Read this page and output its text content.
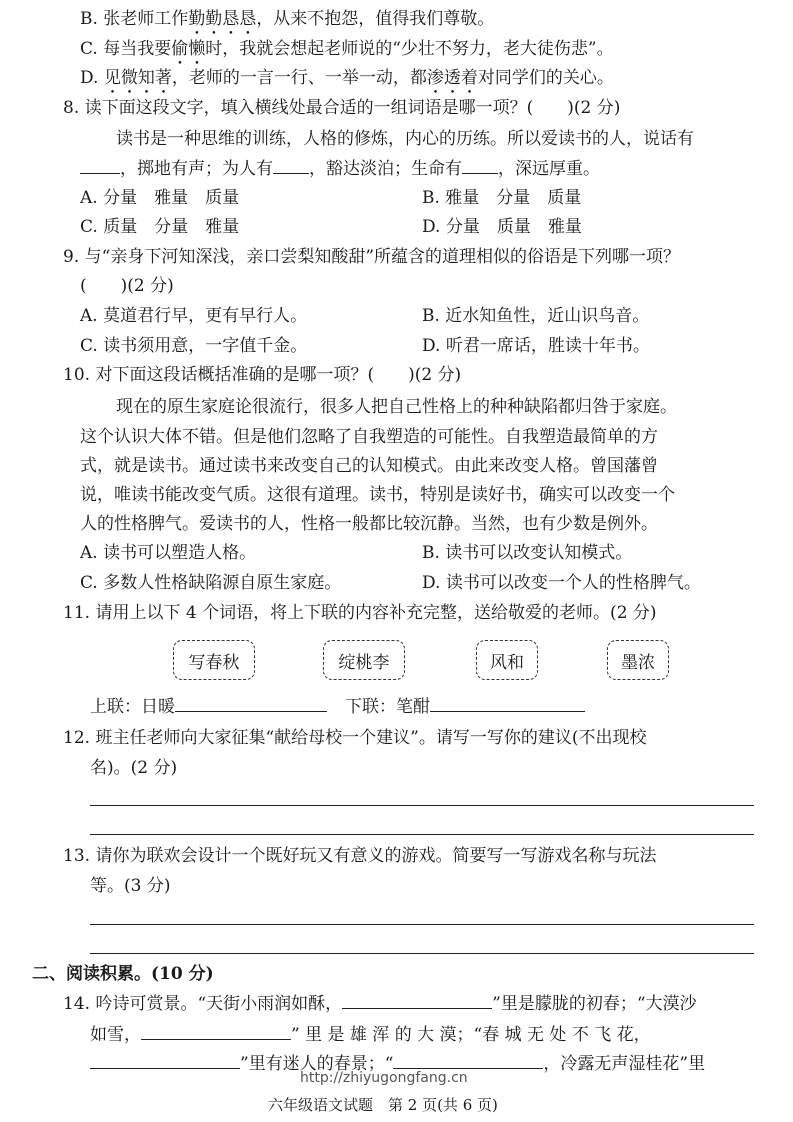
B. 张老师工作勤勤恳恳，从来不抱怨，值得我们尊敬。
C. 每当我要偷懒时，我就会想起老师说的“少壮不努力，老大徒伤悲”。
D. 见微知著，老师的一言一行、一举一动，都渗透着对同学们的关心。
8. 读下面这段文字，填入横线处最合适的一组词语是哪一项？(　　)(2 分)
读书是一种思维的训练，人格的修炼，内心的历练。所以爱读书的人，说话有
，掷地有声；为人有 ，豁达淡泊；生命有 ，深远厚重。
A. 分量　雅量　质量	B. 雅量　分量　质量
C. 质量　分量　雅量	D. 分量　质量　雅量
9. 与“亲身下河知深浅，亲口尝梨知酸甜”所蕴含的道理相似的俗语是下列哪一项？
(　　)(2 分)
A. 莫道君行早，更有早行人。	B. 近水知鱼性，近山识鸟音。
C. 读书须用意，一字值千金。	D. 听君一席话，胜读十年书。
10. 对下面这段话概括准确的是哪一项？(　　)(2 分)
现在的原生家庭论很流行，很多人把自己性格上的种种缺陷都归咎于家庭。
这个认识大体不错。但是他们忽略了自我塑造的可能性。自我塑造最简单的方
式，就是读书。通过读书来改变自己的认知模式。由此来改变人格。曾国藩曾
说，唯读书能改变气质。这很有道理。读书，特别是读好书，确实可以改变一个
人的性格脾气。爱读书的人，性格一般都比较沉静。当然，也有少数是例外。
A. 读书可以塑造人格。	B. 读书可以改变认知模式。
C. 多数人性格缺陷源自原生家庭。	D. 读书可以改变一个人的性格脾气。
11. 请用上以下 4 个词语，将上下联的内容补充完整，送给敬爱的老师。(2 分)
写春秋	绽桃李	风和	墨浓
上联：日暖	下联：笔酣
12. 班主任老师向大家征集“献给母校一个建议”。请写一写你的建议(不出现校
名)。(2 分)
13. 请你为联欢会设计一个既好玩又有意义的游戏。简要写一写游戏名称与玩法
等。(3 分)
二、阅读积累。(10 分)
14. 吟诗可赏景。“天街小雨润如酥，	”里是朦胧的初春；“大漠沙
如雪，	” 里 是 雄 浑 的 大 漠；“春 城 无 处 不 飞 花，
”里有迷人的春景；“	，冷露无声湿桂花”里
http://zhiyugongfang.cn
六年级语文试题　第 2 页(共 6 页)
